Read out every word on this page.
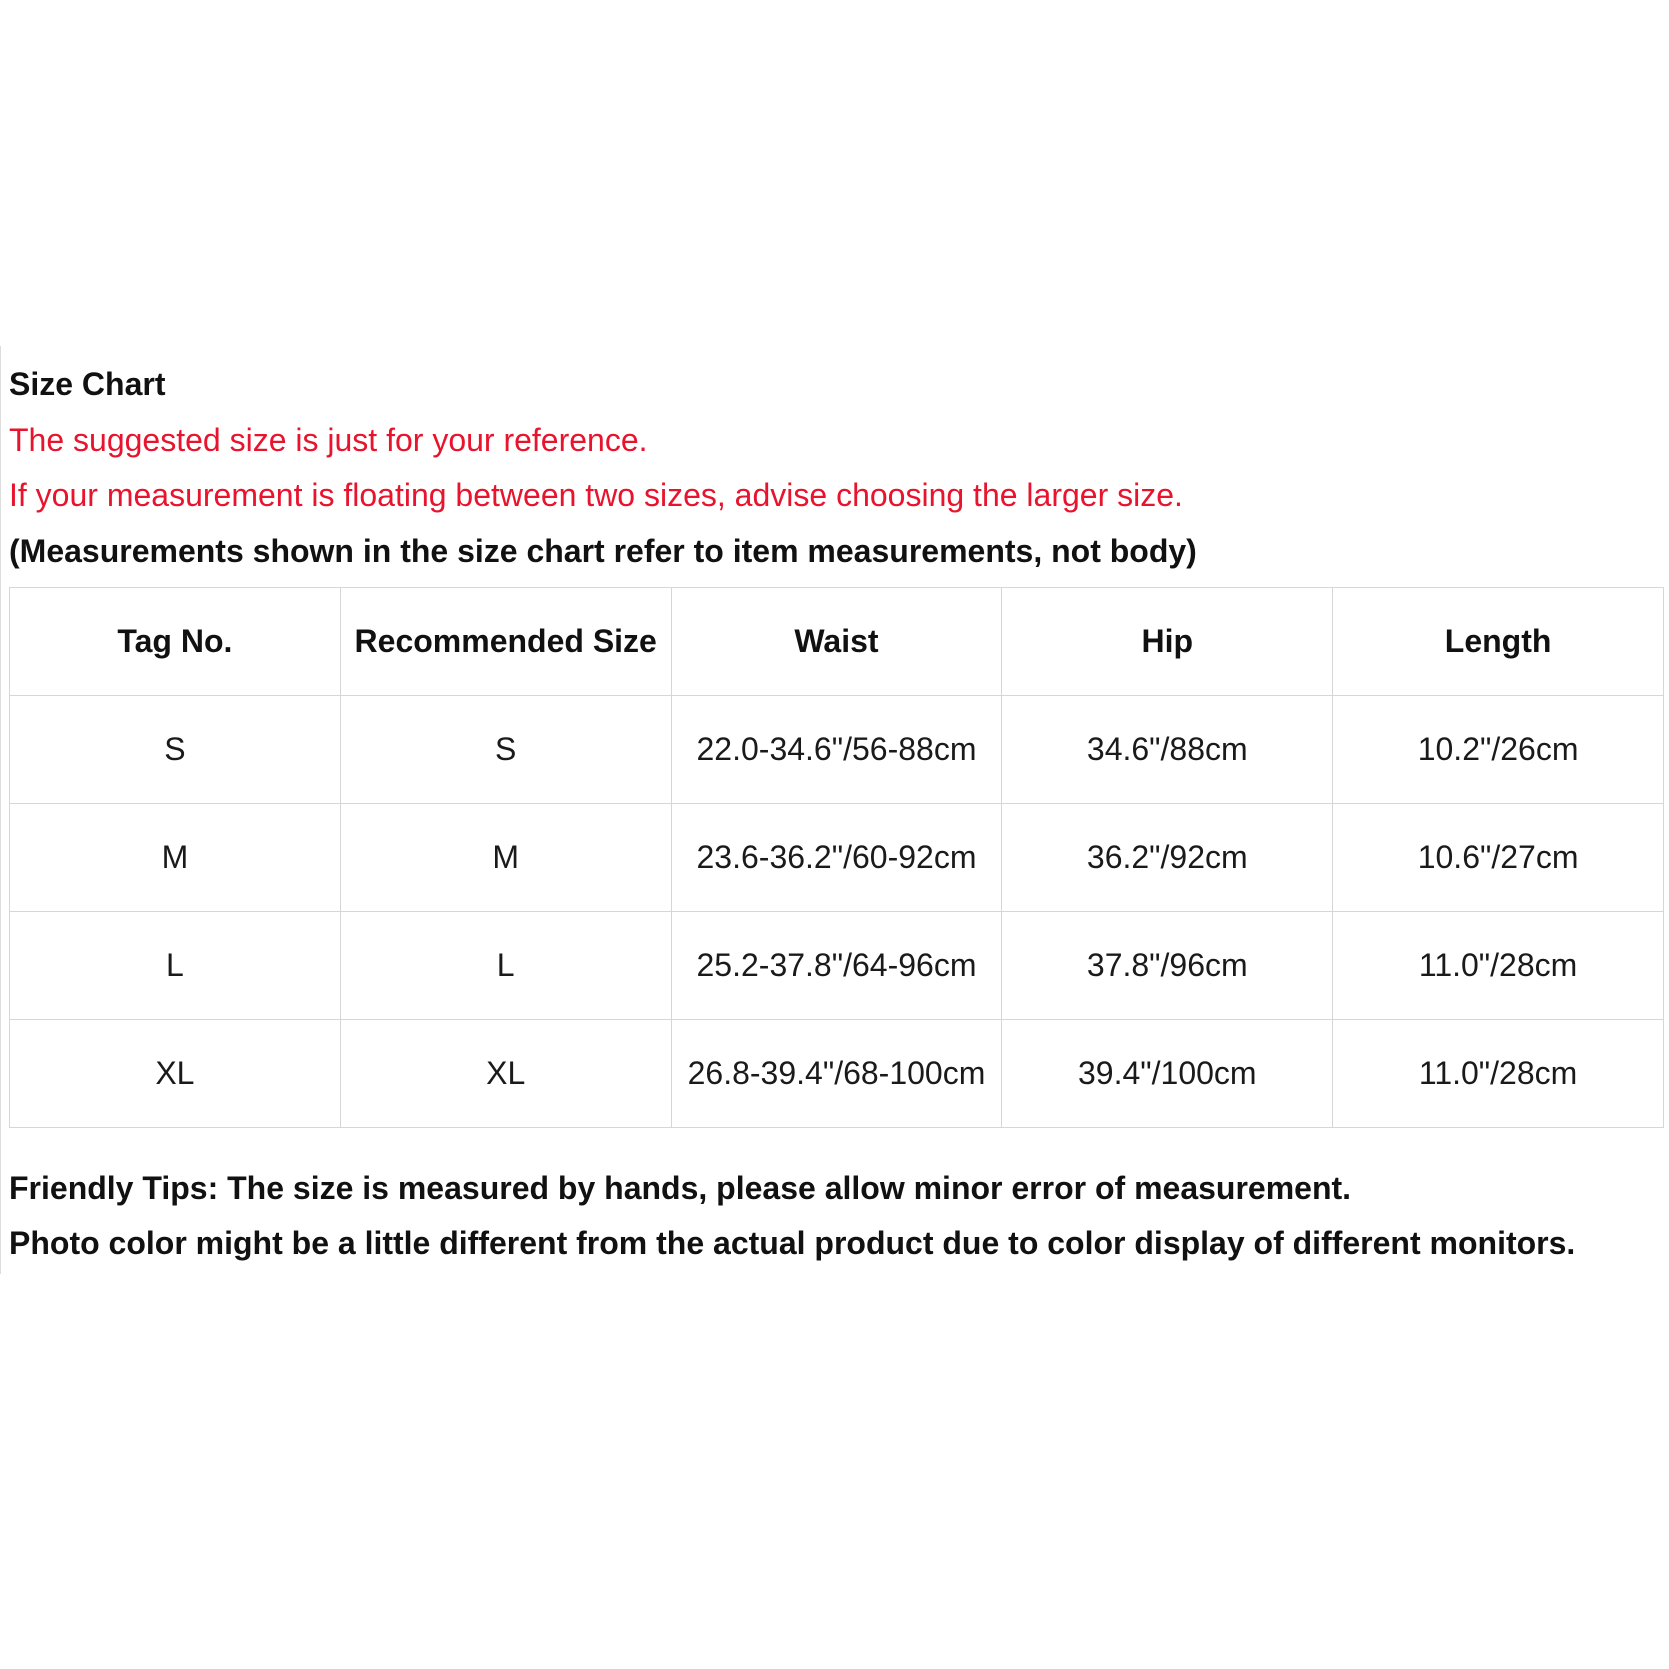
Size Chart
The suggested size is just for your reference.
If your measurement is floating between two sizes, advise choosing the larger size.
(Measurements shown in the size chart refer to item measurements, not body)
Tag No.	Recommended Size	Waist	Hip	Length
S	S	22.0-34.6"/56-88cm	34.6"/88cm	10.2"/26cm
M	M	23.6-36.2"/60-92cm	36.2"/92cm	10.6"/27cm
L	L	25.2-37.8"/64-96cm	37.8"/96cm	11.0"/28cm
XL	XL	26.8-39.4"/68-100cm	39.4"/100cm	11.0"/28cm
Friendly Tips: The size is measured by hands, please allow minor error of measurement.
Photo color might be a little different from the actual product due to color display of different monitors.
